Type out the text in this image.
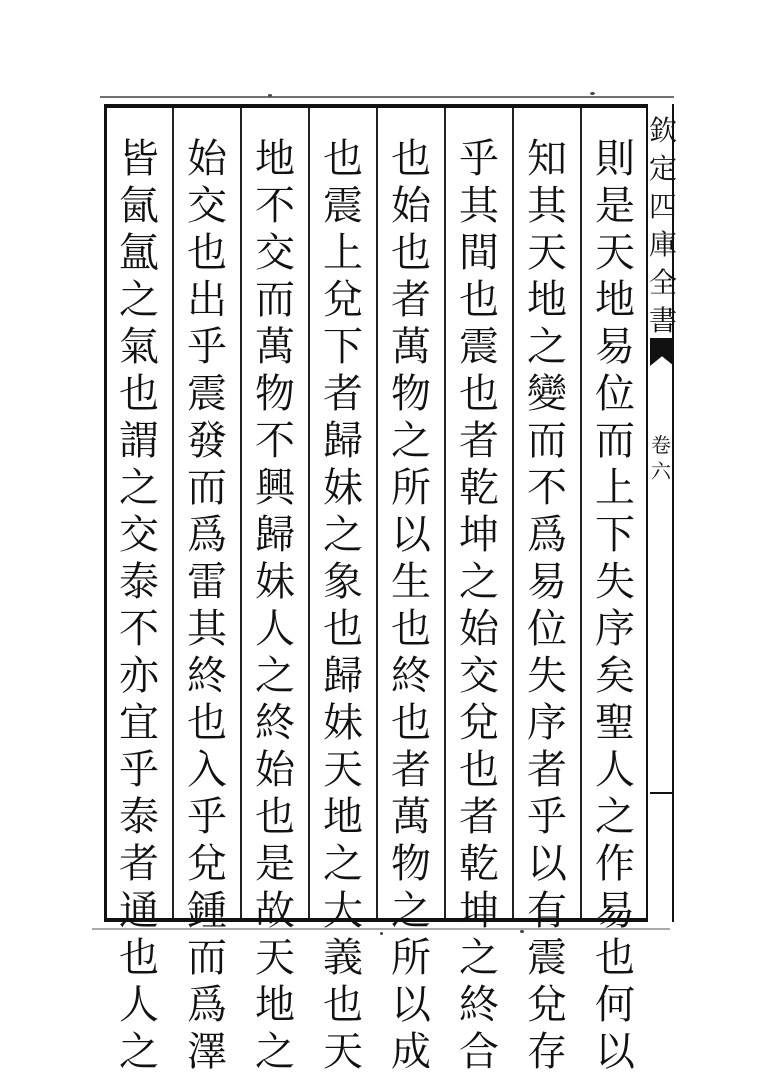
則
是
天
地
易
位
而
上
下
失
序
矣
聖
人
之
作
易
也
何
以
知
其
天
地
之
變
而
不
爲
易
位
失
序
者
乎
以
有
震
兌
存
乎
其
間
也
震
也
者
乾
坤
之
始
交
兌
也
者
乾
坤
之
終
合
也
始
也
者
萬
物
之
所
以
生
也
終
也
者
萬
物
之
所
以
成
也
震
上
兌
下
者
歸
妹
之
象
也
歸
妹
天
地
之
大
義
也
天
地
不
交
而
萬
物
不
興
歸
妹
人
之
終
始
也
是
故
天
地
之
始
交
也
出
乎
震
發
而
爲
雷
其
終
也
入
乎
兌
鍾
而
爲
澤
皆
氤
氲
之
氣
也
謂
之
交
泰
不
亦
宜
乎
泰
者
通
也
人
之
欽
定
四
庫
全
書
卷
六
